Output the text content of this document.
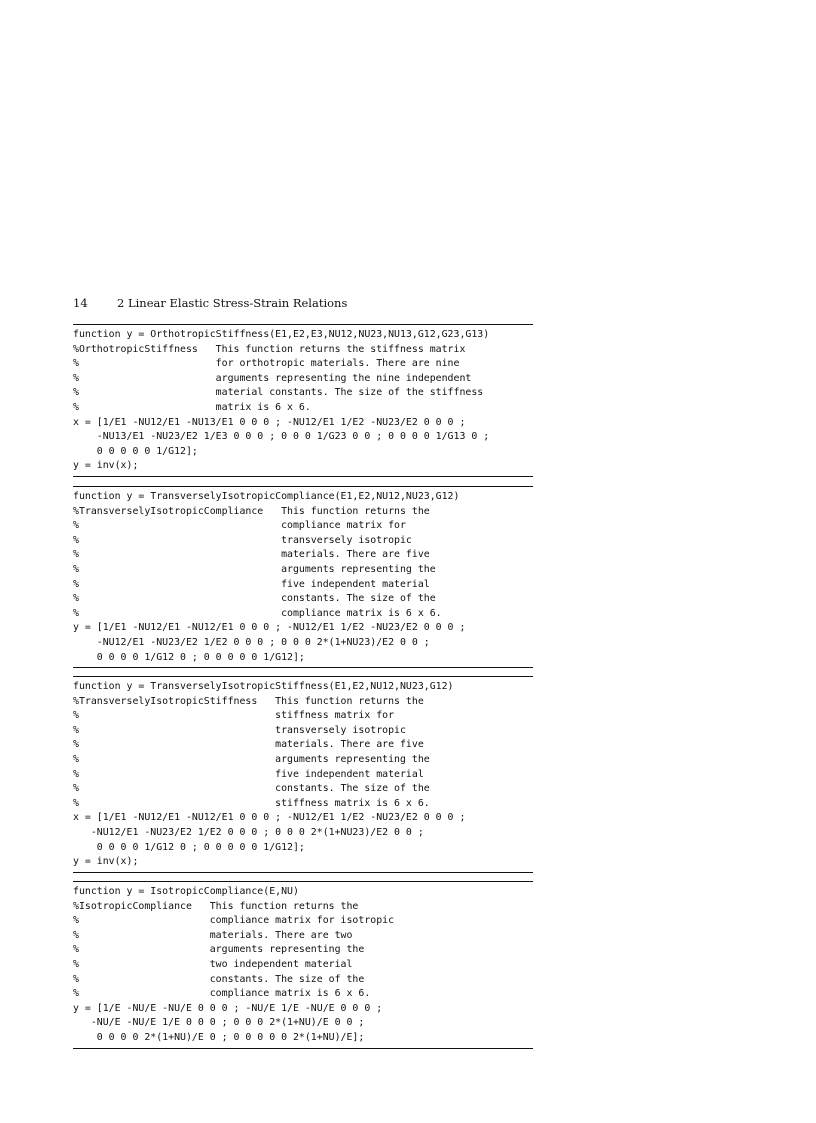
14

	2 Linear Elastic Stress-Strain Relations

function y = OrthotropicStiffness(E1,E2,E3,NU12,NU23,NU13,G12,G23,G13)
%OrthotropicStiffness   This function returns the stiffness matrix
%                       for orthotropic materials. There are nine
%                       arguments representing the nine independent
%                       material constants. The size of the stiffness
%                       matrix is 6 x 6.
x = [1/E1 -NU12/E1 -NU13/E1 0 0 0 ; -NU12/E1 1/E2 -NU23/E2 0 0 0 ;
-NU13/E1 -NU23/E2 1/E3 0 0 0 ; 0 0 0 1/G23 0 0 ; 0 0 0 0 1/G13 0 ;
0 0 0 0 0 1/G12];
y = inv(x);
function y = TransverselyIsotropicCompliance(E1,E2,NU12,NU23,G12)
%TransverselyIsotropicCompliance   This function returns the
%                                  compliance matrix for
%                                  transversely isotropic
%                                  materials. There are five
%                                  arguments representing the
%                                  five independent material
%                                  constants. The size of the
%                                  compliance matrix is 6 x 6.
y = [1/E1 -NU12/E1 -NU12/E1 0 0 0 ; -NU12/E1 1/E2 -NU23/E2 0 0 0 ;
-NU12/E1 -NU23/E2 1/E2 0 0 0 ; 0 0 0 2*(1+NU23)/E2 0 0 ;
0 0 0 0 1/G12 0 ; 0 0 0 0 0 1/G12];
function y = TransverselyIsotropicStiffness(E1,E2,NU12,NU23,G12)
%TransverselyIsotropicStiffness   This function returns the
%                                 stiffness matrix for
%                                 transversely isotropic
%                                 materials. There are five
%                                 arguments representing the
%                                 five independent material
%                                 constants. The size of the
%                                 stiffness matrix is 6 x 6.
x = [1/E1 -NU12/E1 -NU12/E1 0 0 0 ; -NU12/E1 1/E2 -NU23/E2 0 0 0 ;
-NU12/E1 -NU23/E2 1/E2 0 0 0 ; 0 0 0 2*(1+NU23)/E2 0 0 ;
0 0 0 0 1/G12 0 ; 0 0 0 0 0 1/G12];
y = inv(x);
function y = IsotropicCompliance(E,NU)
%IsotropicCompliance   This function returns the
%                      compliance matrix for isotropic
%                      materials. There are two
%                      arguments representing the
%                      two independent material
%                      constants. The size of the
%                      compliance matrix is 6 x 6.
y = [1/E -NU/E -NU/E 0 0 0 ; -NU/E 1/E -NU/E 0 0 0 ;
-NU/E -NU/E 1/E 0 0 0 ; 0 0 0 2*(1+NU)/E 0 0 ;
0 0 0 0 2*(1+NU)/E 0 ; 0 0 0 0 0 2*(1+NU)/E];
